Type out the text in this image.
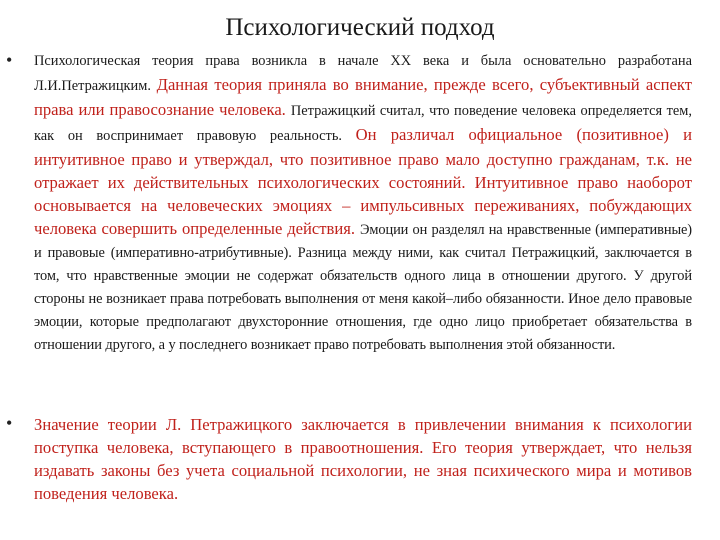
Психологический подход
• Психологическая теория права возникла в начале XX века и была основательно разработана Л.И.Петражицким. Данная теория приняла во внимание, прежде всего, субъективный аспект права или правосознание человека. Петражицкий считал, что поведение человека определяется тем, как он воспринимает правовую реальность. Он различал официальное (позитивное) и интуитивное право и утверждал, что позитивное право мало доступно гражданам, т.к. не отражает их действительных психологических состояний. Интуитивное право наоборот основывается на человеческих эмоциях – импульсивных переживаниях, побуждающих человека совершить определенные действия. Эмоции он разделял на нравственные (императивные) и правовые (императивно-атрибутивные). Разница между ними, как считал Петражицкий, заключается в том, что нравственные эмоции не содержат обязательств одного лица в отношении другого. У другой стороны не возникает права потребовать выполнения от меня какой–либо обязанности. Иное дело правовые эмоции, которые предполагают двухсторонние отношения, где одно лицо приобретает обязательства в отношении другого, а у последнего возникает право потребовать выполнения этой обязанности.
• Значение теории Л. Петражицкого заключается в привлечении внимания к психологии поступка человека, вступающего в правоотношения. Его теория утверждает, что нельзя издавать законы без учета социальной психологии, не зная психического мира и мотивов поведения человека.
